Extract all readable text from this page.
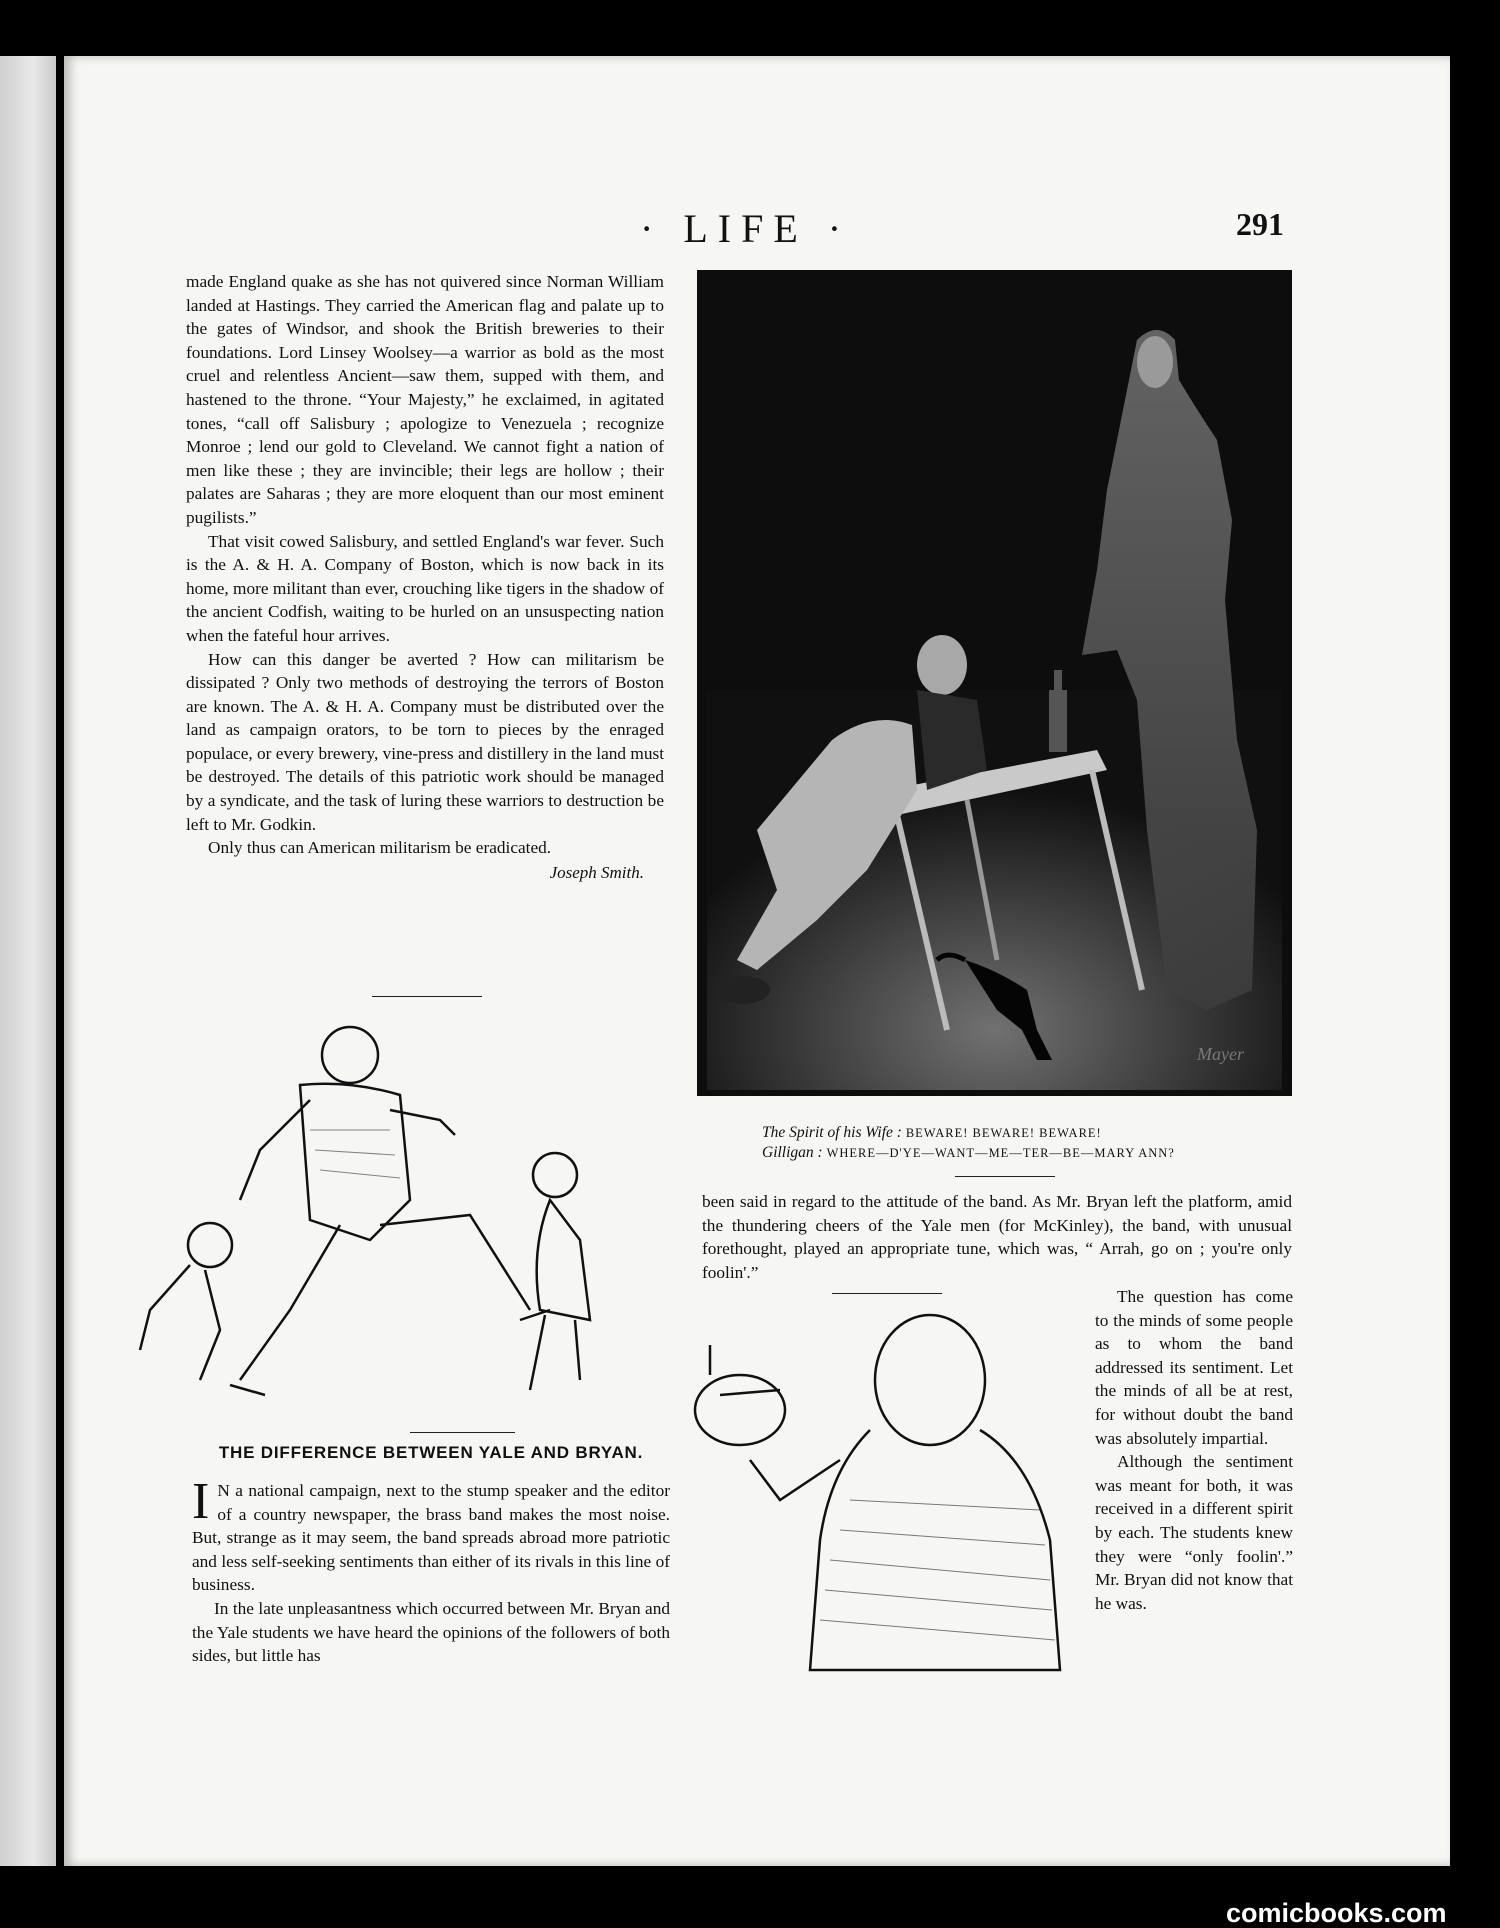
· LIFE ·	291

made England quake as she has not quivered since Norman William landed at Hastings. They carried the American flag and palate up to the gates of Windsor, and shook the British breweries to their foundations. Lord Linsey Woolsey—a warrior as bold as the most cruel and relentless Ancient—saw them, supped with them, and hastened to the throne. “Your Majesty,” he exclaimed, in agitated tones, “call off Salisbury ; apologize to Venezuela ; recognize Monroe ; lend our gold to Cleveland. We cannot fight a nation of men like these ; they are invincible; their legs are hollow ; their palates are Saharas ; they are more eloquent than our most eminent pugilists.”

That visit cowed Salisbury, and settled England's war fever. Such is the A. & H. A. Company of Boston, which is now back in its home, more militant than ever, crouching like tigers in the shadow of the ancient Codfish, waiting to be hurled on an unsuspecting nation when the fateful hour arrives.

How can this danger be averted ? How can militarism be dissipated ? Only two methods of destroying the terrors of Boston are known. The A. & H. A. Company must be distributed over the land as campaign orators, to be torn to pieces by the enraged populace, or every brewery, vine-press and distillery in the land must be destroyed. The details of this patriotic work should be managed by a syndicate, and the task of luring these warriors to destruction be left to Mr. Godkin.

Only thus can American militarism be eradicated.

Joseph Smith.
Mayer
The Spirit of his Wife : BEWARE! BEWARE! BEWARE!
Gilligan : WHERE—D'YE—WANT—ME—TER—BE—MARY ANN?
THE DIFFERENCE BETWEEN YALE AND BRYAN.

I N a national campaign, next to the stump speaker and the editor of a country newspaper, the brass band makes the most noise. But, strange as it may seem, the band spreads abroad more patriotic and less self-seeking sentiments than either of its rivals in this line of business.

In the late unpleasantness which occurred between Mr. Bryan and the Yale students we have heard the opinions of the followers of both sides, but little has

been said in regard to the attitude of the band. As Mr. Bryan left the platform, amid the thundering cheers of the Yale men (for McKinley), the band, with unusual forethought, played an appropriate tune, which was, “ Arrah, go on ; you're only foolin'.”

The question has come to the minds of some people as to whom the band addressed its sentiment. Let the minds of all be at rest, for without doubt the band was absolutely impartial.

Although the sentiment was meant for both, it was received in a different spirit by each. The students knew they were “only foolin'.” Mr. Bryan did not know that he was.

comicbooks.com
